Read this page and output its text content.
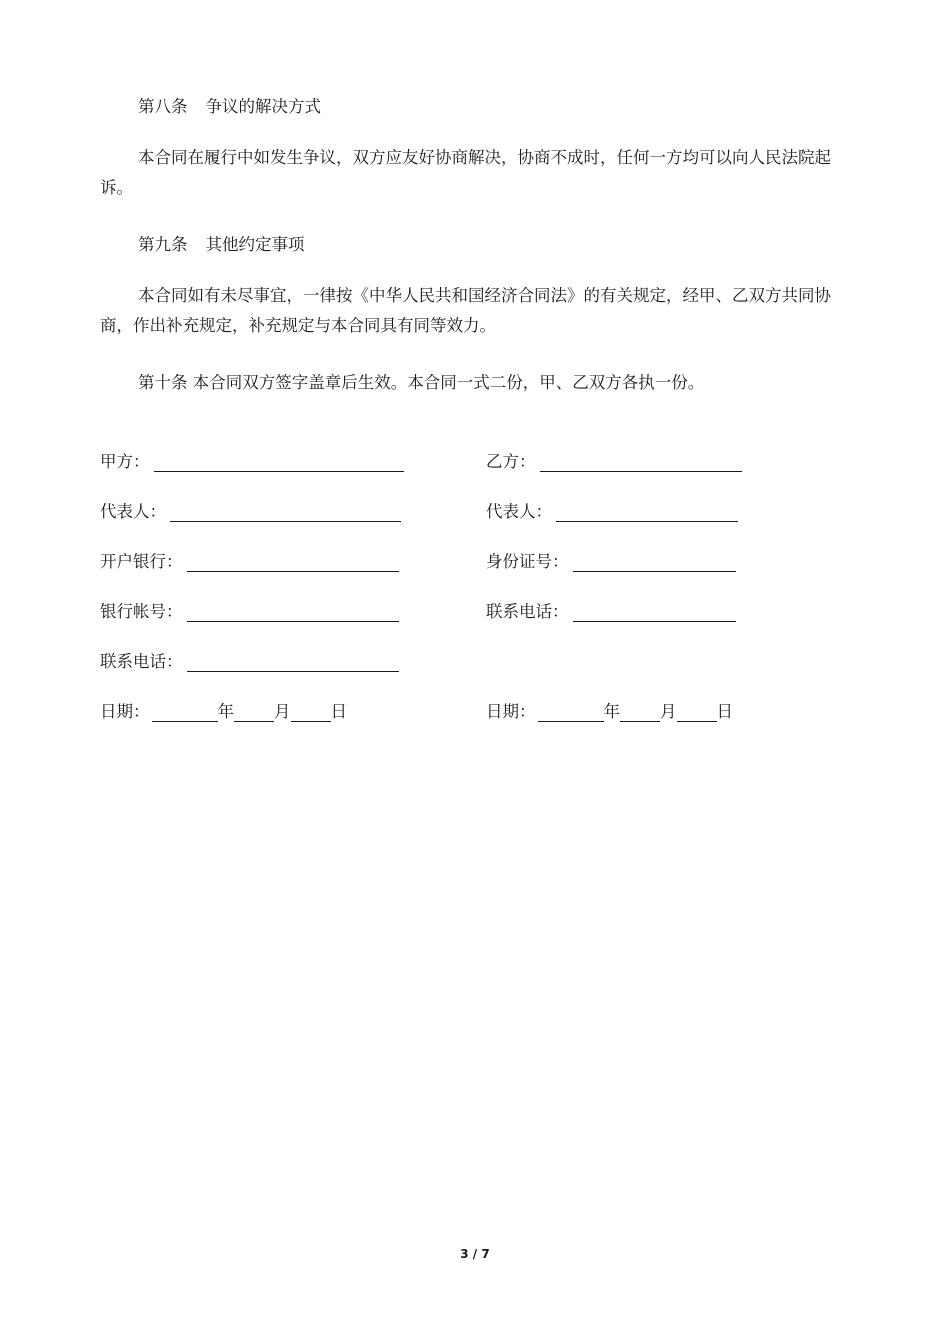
第八条 争议的解决方式

本合同在履行中如发生争议，双方应友好协商解决，协商不成时，任何一方均可以向人民法院起诉。

第九条 其他约定事项

本合同如有未尽事宜，一律按《中华人民共和国经济合同法》的有关规定，经甲、乙双方共同协商，作出补充规定，补充规定与本合同具有同等效力。

第十条 本合同双方签字盖章后生效。本合同一式二份，甲、乙双方各执一份。

甲方：
代表人：
开户银行：
银行帐号：
联系电话：
日期：	年 月 日
乙方：
代表人：
身份证号：
联系电话：
日期：	年 月 日
3 / 7
